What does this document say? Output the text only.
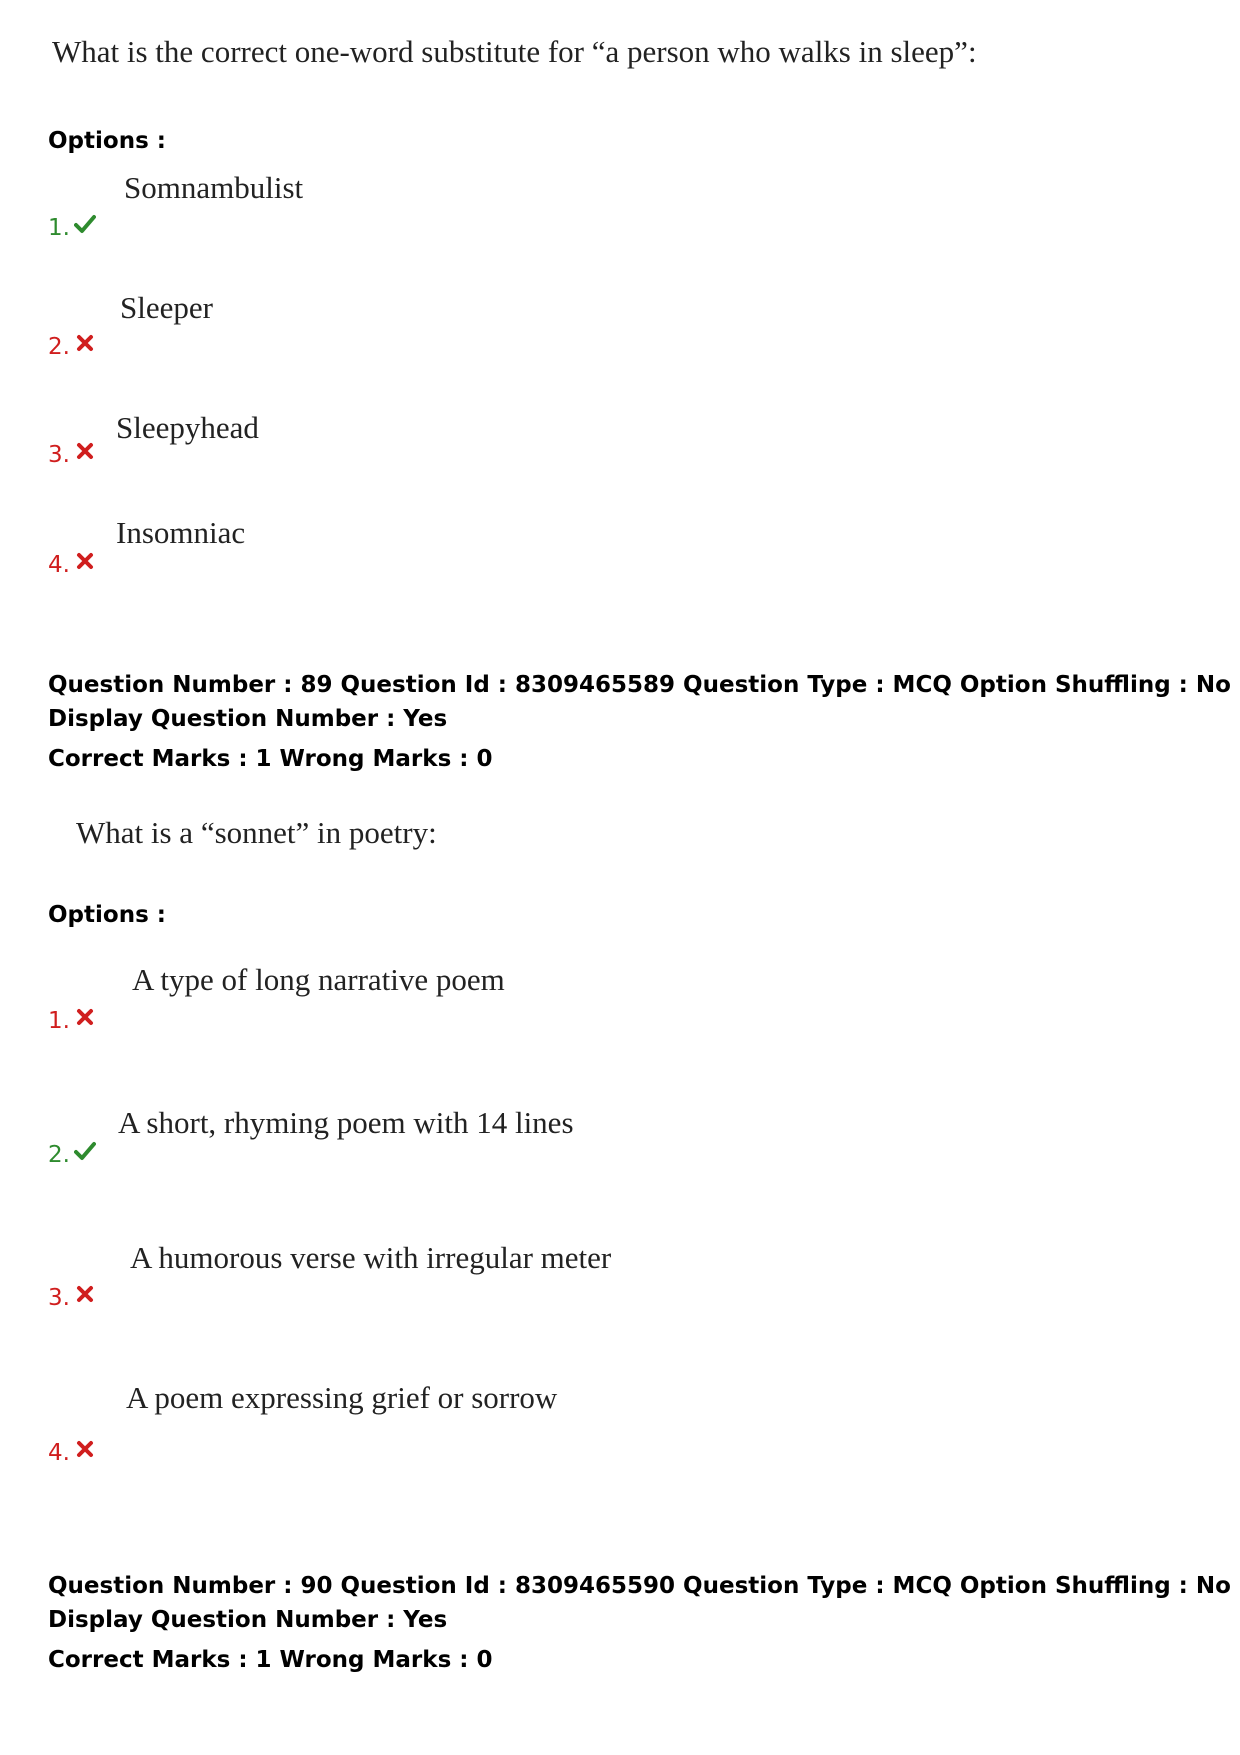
What is the correct one-word substitute for “a person who walks in sleep”:
Options :
Somnambulist
1.
Sleeper
2.
Sleepyhead
3.
Insomniac
4.
Question Number : 89 Question Id : 8309465589 Question Type : MCQ Option Shuffling : No
Display Question Number : Yes
Correct Marks : 1 Wrong Marks : 0
What is a “sonnet” in poetry:
Options :
A type of long narrative poem
1.
A short, rhyming poem with 14 lines
2.
A humorous verse with irregular meter
3.
A poem expressing grief or sorrow
4.
Question Number : 90 Question Id : 8309465590 Question Type : MCQ Option Shuffling : No
Display Question Number : Yes
Correct Marks : 1 Wrong Marks : 0
